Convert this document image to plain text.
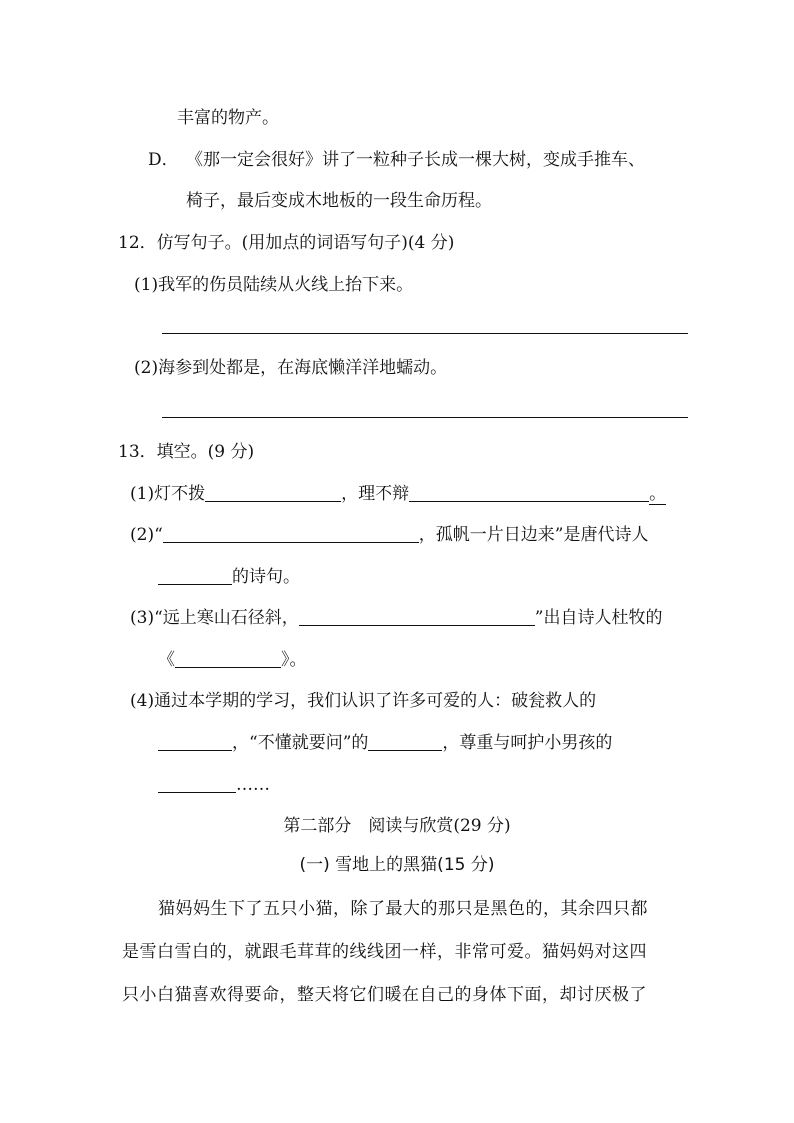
丰富的物产。
D． 《那一定会很好》讲了一粒种子长成一棵大树，变成手推车、
椅子，最后变成木地板的一段生命历程。
12．仿写句子。(用加点的词语写句子)(4 分)
(1)我军的伤员陆续从火线上抬下来。
(2)海参到处都是，在海底懒洋洋地蠕动。
13．填空。(9 分)
(1)灯不拨	，理不辩	。
(2)“	，孤帆一片日边来”是唐代诗人
的诗句。
(3)“远上寒山石径斜，	”出自诗人杜牧的
《	》。
(4)通过本学期的学习，我们认识了许多可爱的人：破瓮救人的
，“不懂就要问”的	，尊重与呵护小男孩的
……
第二部分　阅读与欣赏(29 分)
(一) 雪地上的黑猫(15 分)
猫妈妈生下了五只小猫，除了最大的那只是黑色的，其余四只都
是雪白雪白的，就跟毛茸茸的线线团一样，非常可爱。猫妈妈对这四
只小白猫喜欢得要命，整天将它们暖在自己的身体下面，却讨厌极了
